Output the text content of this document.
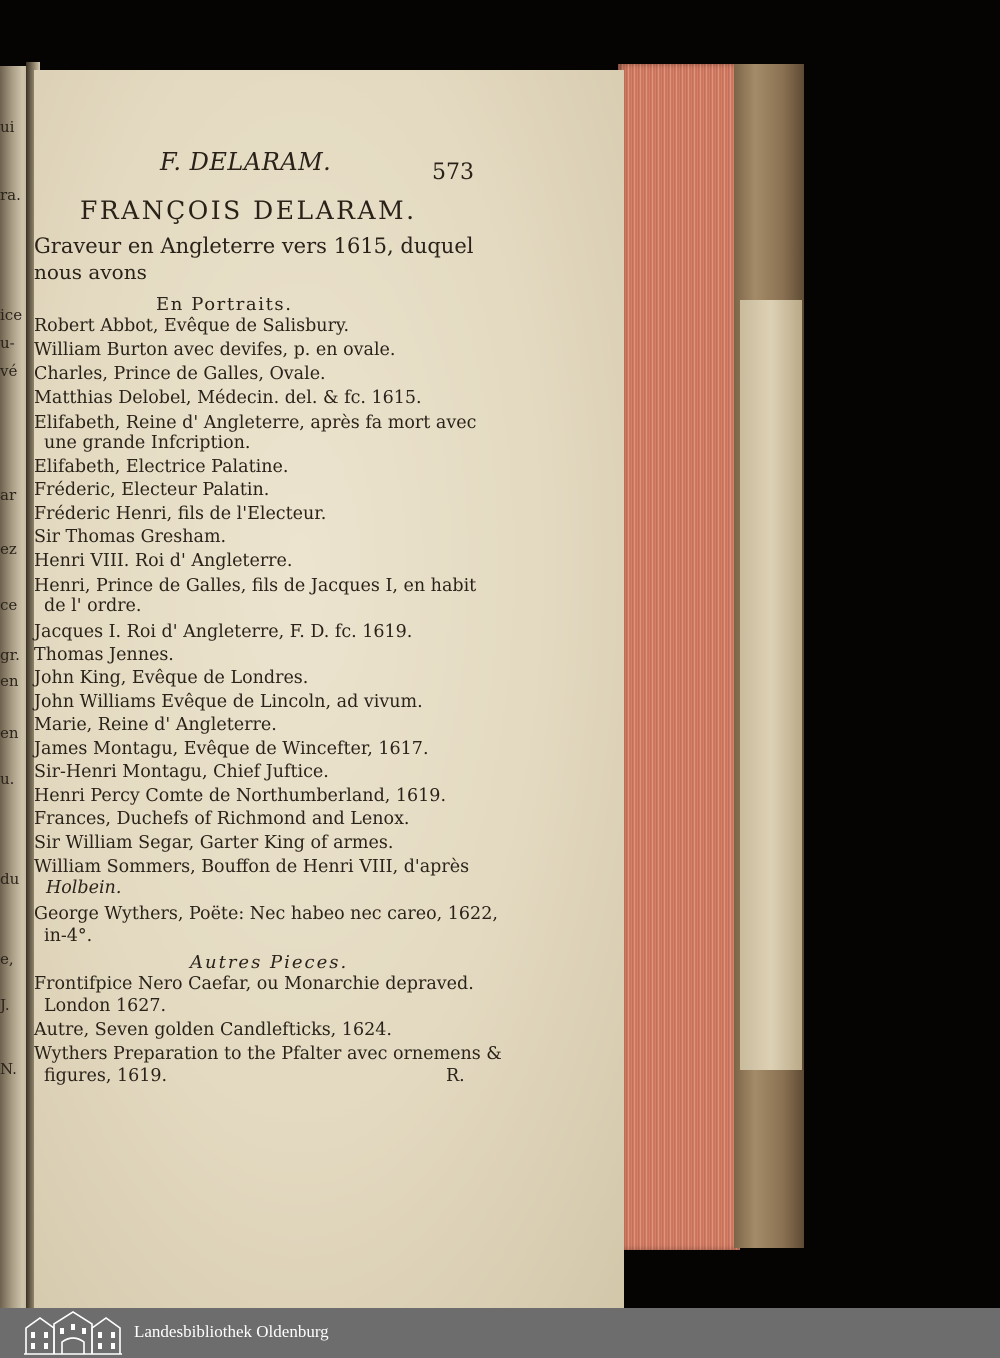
ui
ra.
ice
u-
vé
ar
ez
ce
gr.
en
en
u.
du
e,
J.
N.
F. DELARAM.	573
FRANÇOIS DELARAM.
Graveur en Angleterre vers 1615, duquel
nous avons
En Portraits.
Robert Abbot, Evêque de Salisbury.
William Burton avec devifes, p. en ovale.
Charles, Prince de Galles, Ovale.
Matthias Delobel, Médecin. del. & fc. 1615.
Elifabeth, Reine d' Angleterre, après fa mort avec
une grande Infcription.
Elifabeth, Electrice Palatine.
Fréderic, Electeur Palatin.
Fréderic Henri, fils de l'Electeur.
Sir Thomas Gresham.
Henri VIII. Roi d' Angleterre.
Henri, Prince de Galles, fils de Jacques I, en habit
de l' ordre.
Jacques I. Roi d' Angleterre, F. D. fc. 1619.
Thomas Jennes.
John King, Evêque de Londres.
John Williams Evêque de Lincoln, ad vivum.
Marie, Reine d' Angleterre.
James Montagu, Evêque de Wincefter, 1617.
Sir-Henri Montagu, Chief Juftice.
Henri Percy Comte de Northumberland, 1619.
Frances, Duchefs of Richmond and Lenox.
Sir William Segar, Garter King of armes.
William Sommers, Bouffon de Henri VIII, d'après
Holbein.
George Wythers, Poëte: Nec habeo nec careo, 1622,
in-4°.
Autres Pieces.
Frontifpice Nero Caefar, ou Monarchie depraved.
London 1627.
Autre, Seven golden Candlefticks, 1624.
Wythers Preparation to the Pfalter avec ornemens &
figures, 1619.	R.
Landesbibliothek Oldenburg
